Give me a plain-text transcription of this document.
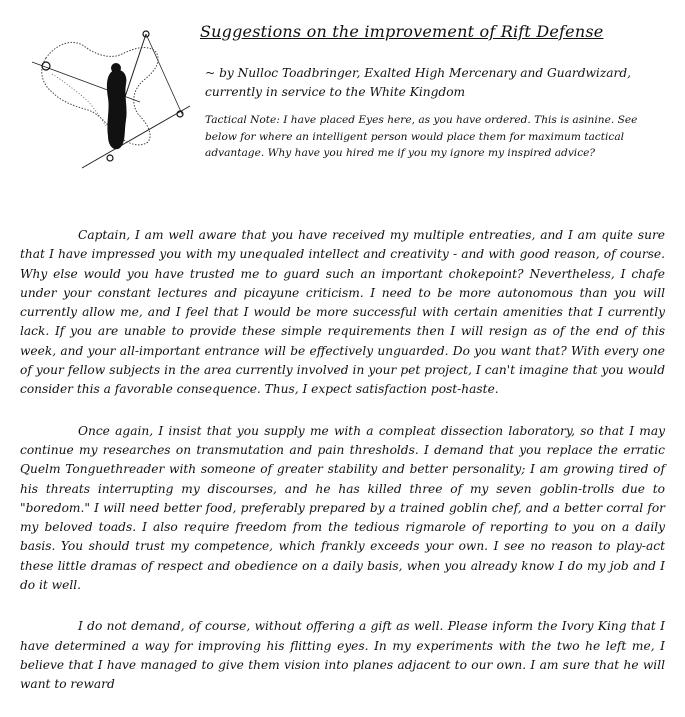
Suggestions on the improvement of Rift Defense
~ by Nulloc Toadbringer, Exalted High Mercenary and Guardwizard, currently in service to the White Kingdom
Tactical Note: I have placed Eyes here, as you have ordered. This is asinine. See below for where an intelligent person would place them for maximum tactical advantage. Why have you hired me if you my ignore my inspired advice?

Captain, I am well aware that you have received my multiple entreaties, and I am quite sure that I have impressed you with my unequaled intellect and creativity - and with good reason, of course. Why else would you have trusted me to guard such an important chokepoint? Nevertheless, I chafe under your constant lectures and picayune criticism. I need to be more autonomous than you will currently allow me, and I feel that I would be more successful with certain amenities that I currently lack. If you are unable to provide these simple requirements then I will resign as of the end of this week, and your all-important entrance will be effectively unguarded. Do you want that? With every one of your fellow subjects in the area currently involved in your pet project, I can't imagine that you would consider this a favorable consequence. Thus, I expect satisfaction post-haste.

Once again, I insist that you supply me with a compleat dissection laboratory, so that I may continue my researches on transmutation and pain thresholds. I demand that you replace the erratic Quelm Tonguethreader with someone of greater stability and better personality; I am growing tired of his threats interrupting my discourses, and he has killed three of my seven goblin-trolls due to "boredom." I will need better food, preferably prepared by a trained goblin chef, and a better corral for my beloved toads. I also require freedom from the tedious rigmarole of reporting to you on a daily basis. You should trust my competence, which frankly exceeds your own. I see no reason to play-act these little dramas of respect and obedience on a daily basis, when you already know I do my job and I do it well.

I do not demand, of course, without offering a gift as well. Please inform the Ivory King that I have determined a way for improving his flitting eyes. In my experiments with the two he left me, I believe that I have managed to give them vision into planes adjacent to our own. I am sure that he will want to reward
